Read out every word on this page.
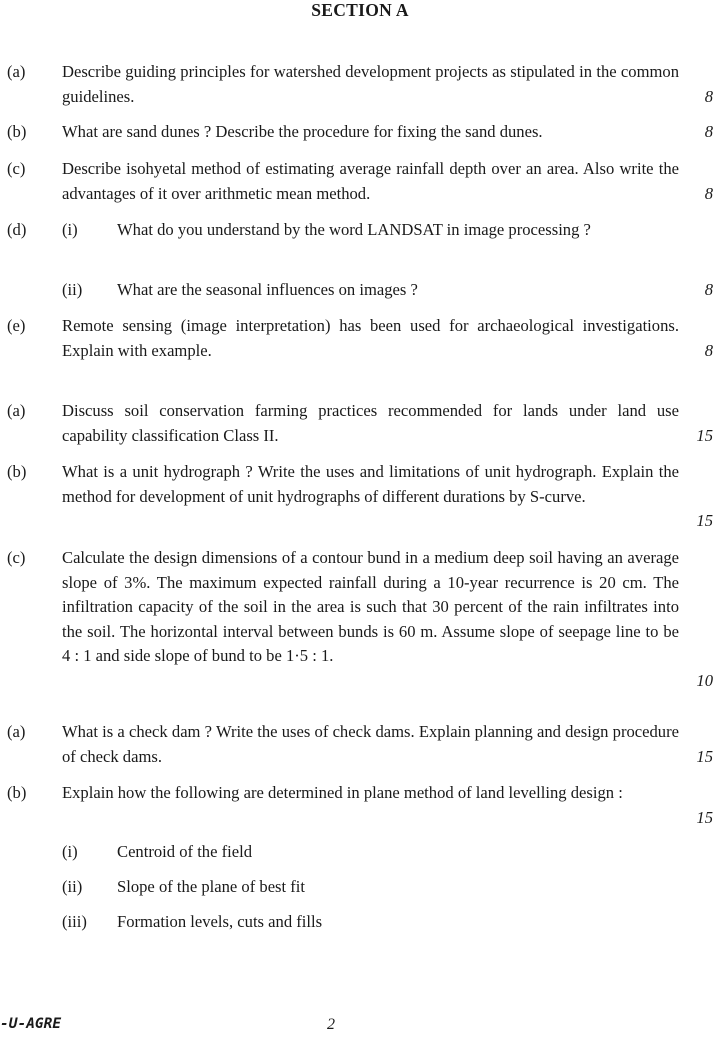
SECTION A
(a) Describe guiding principles for watershed development projects as stipulated in the common guidelines.	8
(b) What are sand dunes ? Describe the procedure for fixing the sand dunes.	8
(c) Describe isohyetal method of estimating average rainfall depth over an area. Also write the advantages of it over arithmetic mean method.	8
(d) (i) What do you understand by the word LANDSAT in image processing ?
(ii) What are the seasonal influences on images ?	8
(e) Remote sensing (image interpretation) has been used for archaeological investigations. Explain with example.	8
(a) Discuss soil conservation farming practices recommended for lands under land use capability classification Class II.	15
(b) What is a unit hydrograph ? Write the uses and limitations of unit hydrograph. Explain the method for development of unit hydrographs of different durations by S-curve.
15
(c) Calculate the design dimensions of a contour bund in a medium deep soil having an average slope of 3%. The maximum expected rainfall during a 10-year recurrence is 20 cm. The infiltration capacity of the soil in the area is such that 30 percent of the rain infiltrates into the soil. The horizontal interval between bunds is 60 m. Assume slope of seepage line to be 4 : 1 and side slope of bund to be 1·5 : 1.
10
(a) What is a check dam ? Write the uses of check dams. Explain planning and design procedure of check dams.	15
(b) Explain how the following are determined in plane method of land levelling design :
15
(i) Centroid of the field
(ii) Slope of the plane of best fit
(iii) Formation levels, cuts and fills
-U-AGRE	2
